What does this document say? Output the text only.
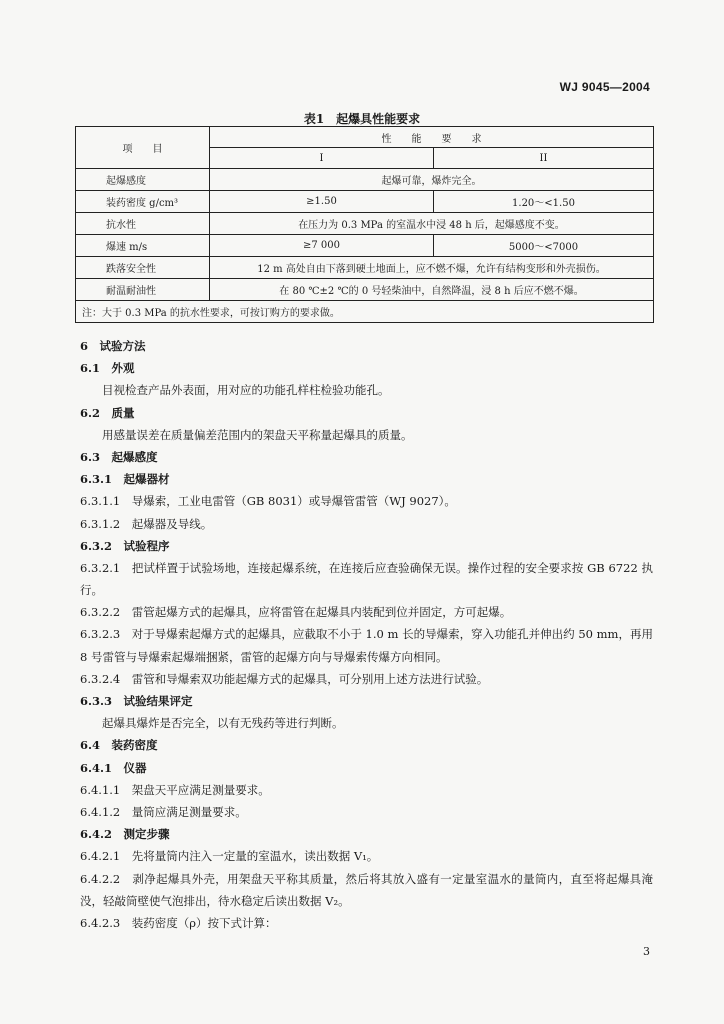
WJ 9045—2004
表1　起爆具性能要求
项　　目	性　　能　　要　　求	
	I	II
起爆感度	起爆可靠，爆炸完全。	
装药密度 g/cm³	≥1.50	1.20～<1.50
抗水性	在压力为 0.3 MPa 的室温水中浸 48 h 后，起爆感度不变。	
爆速 m/s	≥7 000	5000～<7000
跌落安全性	12 m 高处自由下落到硬土地面上，应不燃不爆，允许有结构变形和外壳损伤。	
耐温耐油性	在 80 ℃±2 ℃的 0 号轻柴油中，自然降温，浸 8 h 后应不燃不爆。	
注：大于 0.3 MPa 的抗水性要求，可按订购方的要求做。		
6　试验方法
6.1　外观
目视检查产品外表面，用对应的功能孔样柱检验功能孔。
6.2　质量
用感量误差在质量偏差范围内的架盘天平称量起爆具的质量。
6.3　起爆感度
6.3.1　起爆器材
6.3.1.1　导爆索，工业电雷管（GB 8031）或导爆管雷管（WJ 9027）。
6.3.1.2　起爆器及导线。
6.3.2　试验程序
6.3.2.1　把试样置于试验场地，连接起爆系统，在连接后应查验确保无误。操作过程的安全要求按 GB 6722 执行。
6.3.2.2　雷管起爆方式的起爆具，应将雷管在起爆具内装配到位并固定，方可起爆。
6.3.2.3　对于导爆索起爆方式的起爆具，应截取不小于 1.0 m 长的导爆索，穿入功能孔并伸出约 50 mm，再用 8 号雷管与导爆索起爆端捆紧，雷管的起爆方向与导爆索传爆方向相同。
6.3.2.4　雷管和导爆索双功能起爆方式的起爆具，可分别用上述方法进行试验。
6.3.3　试验结果评定
起爆具爆炸是否完全，以有无残药等进行判断。
6.4　装药密度
6.4.1　仪器
6.4.1.1　架盘天平应满足测量要求。
6.4.1.2　量筒应满足测量要求。
6.4.2　测定步骤
6.4.2.1　先将量筒内注入一定量的室温水，读出数据 V₁。
6.4.2.2　剥净起爆具外壳，用架盘天平称其质量，然后将其放入盛有一定量室温水的量筒内，直至将起爆具淹没，轻敲筒壁使气泡排出，待水稳定后读出数据 V₂。
6.4.2.3　装药密度（ρ）按下式计算：
3
